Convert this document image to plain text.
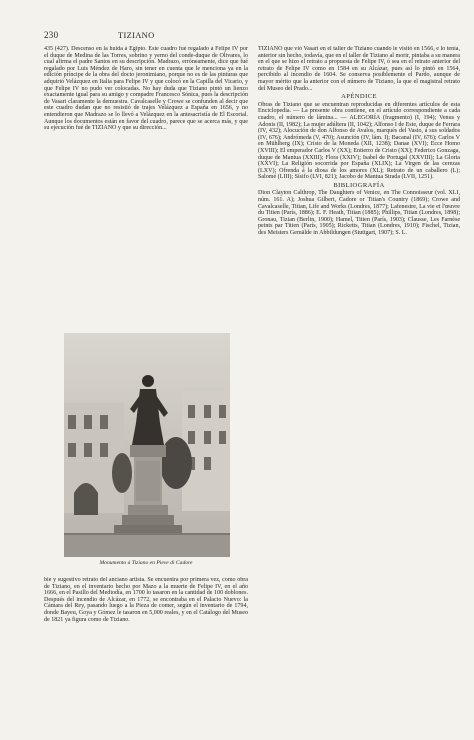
230	TIZIANO

435 (427). Descenso en la huida á Egipto. Este cuadro fué regalado á Felipe IV por el duque de Medina de las Torres, sobrino y yerno del conde-duque de Olivares, lo cual afirma el padre Santos en su descripción. Madrazo, erróneamente, dice que fué regalado por Luis Méndez de Haro, sin tener en cuenta que le menciona ya en la edición príncipe de la obra del docto jeronimiano, porque no es de las pinturas que adquirió Velázquez en Italia para Felipe IV y que colocó en la Capilla del Vicario, y que Felipe IV no pudo ver colocadas. No hay duda que Tiziano pintó un lienzo exactamente igual para su amigo y compadre Francesco Sónica, pues la descripción de Vasari claramente la demuestra. Cavalcaselle y Crowe se confunden al decir que este cuadro dudan que no resistió de trajes Velázquez a España en 1656, y no entendieron que Madrazo se lo llevó a Velázquez en la antesacristía de El Escorial. Aunque los documentos están en favor del cuadro, parece que se acerca más, y que su ejecución fué de TIZIANO y que su dirección...

Monumento á Tiziano en Pieve di Cadore

bie y sugestivo retrato del anciano artista. Se encuentra por primera vez, como obra de Tiziano, en el inventario hecho por Mazo a la muerte de Felipe IV, en el año 1666, en el Pasillo del Mediodía, en 1700 lo tasaron en la cantidad de 100 doblones. Después del incendio de Alcázar, en 1772, se encontraba en el Palacio Nuevo: la Cámara del Rey, pasando luego a la Pieza de comer, según el inventario de 1794, donde Bayeu, Goya y Gómez le tasaron en 5,000 reales, y en el Catálogo del Museo de 1821 ya figura como de Tiziano.

TIZIANO que vió Vasari en el taller de Tiziano cuando le visitó en 1566, e lo tenía, anterior sin hecho, todavía, que en el taller de Tiziano al morir, pintaba a su manera en el que se hizo el retrato a propuesta de Felipe IV, ó sea en el retrato anterior del retrato de Felipe IV como en 1584 en su Alcázar, pues así lo pintó en 1564, percibido al incendio de 1604. Se conserva posiblemente el Pardo, aunque de mayor mérito que la anterior con el número de Tiziano, la que el magistral retrato del Museo del Prado...

APÉNDICE

Obras de Tiziano que se encuentran reproducidas en diferentes artículos de esta Enciclopedia. — La presente obra contiene, en el artículo correspondiente a cada cuadro, el número de lámina... — ALEGORÍA (fragmento) (I, 194); Venus y Adonis (II, 1982); La mujer adúltera (II, 1042); Alfonso I de Este, duque de Ferrara (IV, 432); Alocución de don Alfonso de Avalos, marqués del Vasto, á sus soldados (IV, 676); Andrómeda (V, 470); Asunción (IV, lám. I); Bacanal (IV, 676); Carlos V en Mühlberg (IX); Cristo de la Moneda (XII, 1238); Danae (XVI); Ecce Homo (XVIII); El emperador Carlos V (XX); Entierro de Cristo (XX); Federico Gonzaga, duque de Mantua (XXIII); Flora (XXIV); Isabel de Portugal (XXVIII); La Gloria (XXVI); La Religión socorrida por España (XLIX); La Virgen de las cerezas (LXV); Ofrenda á la diosa de los amores (XL); Retrato de un caballero (L); Salomé (LIII); Sísifo (LVI, 821); Jacobo de Mantua Strada (LVII, 1251).

BIBLIOGRAFÍA

Dion Clayton Calthrop, The Daughters of Venice, en The Connoisseur (vol. XLI, núm. 161. A); Joshua Gilbert, Cadore or Titian's Country (1869); Crowe and Cavalcaselle, Titian, Life and Works (Londres, 1877); Lafenestre, La vie et l'œuvre du Titien (París, 1886); E. F. Heath, Titian (1885); Phillips, Titian (Londres, 1898); Gronau, Tizian (Berlin, 1900); Hamel, Titien (París, 1903); Clausse, Les Farnèse peints par Titien (París, 1905); Ricketts, Titian (Londres, 1910); Fischel, Tizian, des Meisters Gemälde in Abbildungen (Stuttgart, 1907); S. L.
